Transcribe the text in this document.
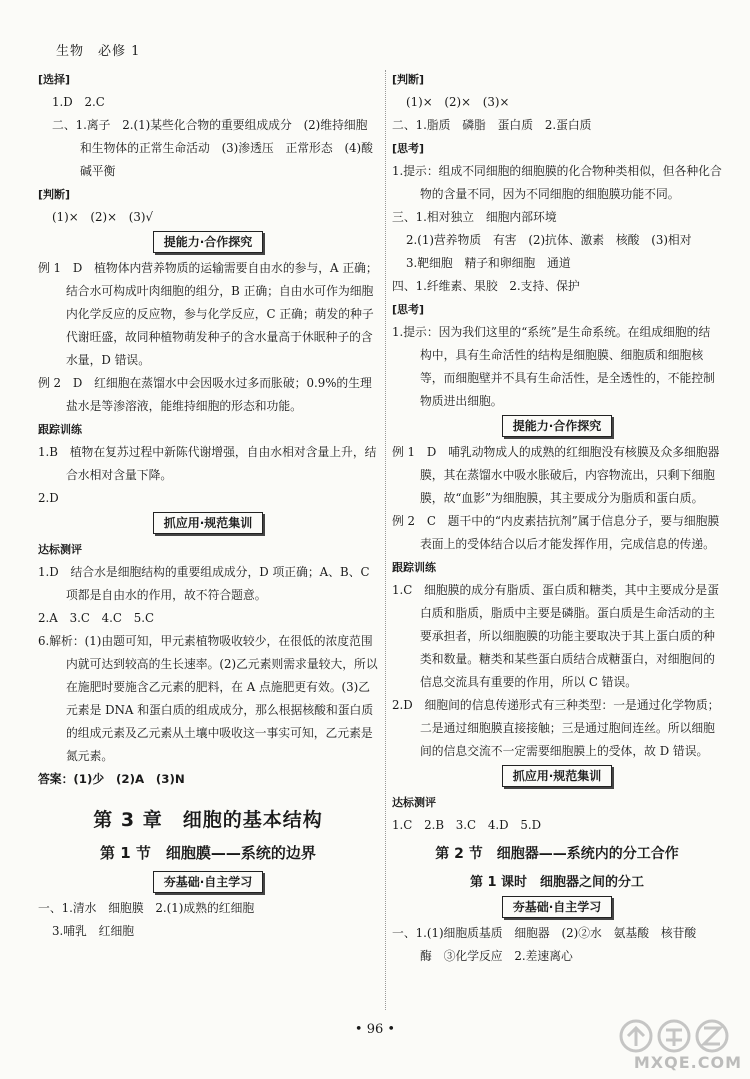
生物　必修 1

[选择]

1.D　2.C

二、1.离子　2.(1)某些化合物的重要组成成分　(2)维持细胞和生物体的正常生命活动　(3)渗透压　正常形态　(4)酸碱平衡

[判断]

(1)×　(2)×　(3)√

提能力·合作探究

例 1　D　植物体内营养物质的运输需要自由水的参与，A 正确；结合水可构成叶肉细胞的组分，B 正确；自由水可作为细胞内化学反应的反应物，参与化学反应，C 正确；萌发的种子代谢旺盛，故同种植物萌发种子的含水量高于休眠种子的含水量，D 错误。

例 2　D　红细胞在蒸馏水中会因吸水过多而胀破；0.9%的生理盐水是等渗溶液，能维持细胞的形态和功能。

跟踪训练

1.B　植物在复苏过程中新陈代谢增强，自由水相对含量上升，结合水相对含量下降。

2.D

抓应用·规范集训

达标测评

1.D　结合水是细胞结构的重要组成成分，D 项正确；A、B、C 项都是自由水的作用，故不符合题意。

2.A　3.C　4.C　5.C

6.解析：(1)由题可知，甲元素植物吸收较少，在很低的浓度范围内就可达到较高的生长速率。(2)乙元素则需求量较大，所以在施肥时要施含乙元素的肥料，在 A 点施肥更有效。(3)乙元素是 DNA 和蛋白质的组成成分，那么根据核酸和蛋白质的组成元素及乙元素从土壤中吸收这一事实可知，乙元素是氮元素。

答案：(1)少　(2)A　(3)N

第 3 章　细胞的基本结构
第 1 节　细胞膜——系统的边界
夯基础·自主学习

一、1.清水　细胞膜　2.(1)成熟的红细胞

3.哺乳　红细胞

[判断]

(1)×　(2)×　(3)×

二、1.脂质　磷脂　蛋白质　2.蛋白质

[思考]

1.提示：组成不同细胞的细胞膜的化合物种类相似，但各种化合物的含量不同，因为不同细胞的细胞膜功能不同。

三、1.相对独立　细胞内部环境

2.(1)营养物质　有害　(2)抗体、激素　核酸　(3)相对

3.靶细胞　精子和卵细胞　通道

四、1.纤维素、果胶　2.支持、保护

[思考]

1.提示：因为我们这里的“系统”是生命系统。在组成细胞的结构中，具有生命活性的结构是细胞膜、细胞质和细胞核等，而细胞壁并不具有生命活性，是全透性的，不能控制物质进出细胞。

提能力·合作探究

例 1　D　哺乳动物成人的成熟的红细胞没有核膜及众多细胞器膜，其在蒸馏水中吸水胀破后，内容物流出，只剩下细胞膜，故“血影”为细胞膜，其主要成分为脂质和蛋白质。

例 2　C　题干中的“内皮素拮抗剂”属于信息分子，要与细胞膜表面上的受体结合以后才能发挥作用，完成信息的传递。

跟踪训练

1.C　细胞膜的成分有脂质、蛋白质和糖类，其中主要成分是蛋白质和脂质，脂质中主要是磷脂。蛋白质是生命活动的主要承担者，所以细胞膜的功能主要取决于其上蛋白质的种类和数量。糖类和某些蛋白质结合成糖蛋白，对细胞间的信息交流具有重要的作用，所以 C 错误。

2.D　细胞间的信息传递形式有三种类型：一是通过化学物质；二是通过细胞膜直接接触；三是通过胞间连丝。所以细胞间的信息交流不一定需要细胞膜上的受体，故 D 错误。

抓应用·规范集训

达标测评

1.C　2.B　3.C　4.D　5.D

第 2 节　细胞器——系统内的分工合作
第 1 课时　细胞器之间的分工
夯基础·自主学习

一、1.(1)细胞质基质　细胞器　(2)②水　氨基酸　核苷酸

酶　③化学反应　2.差速离心

• 96 •
MXQE.COM
